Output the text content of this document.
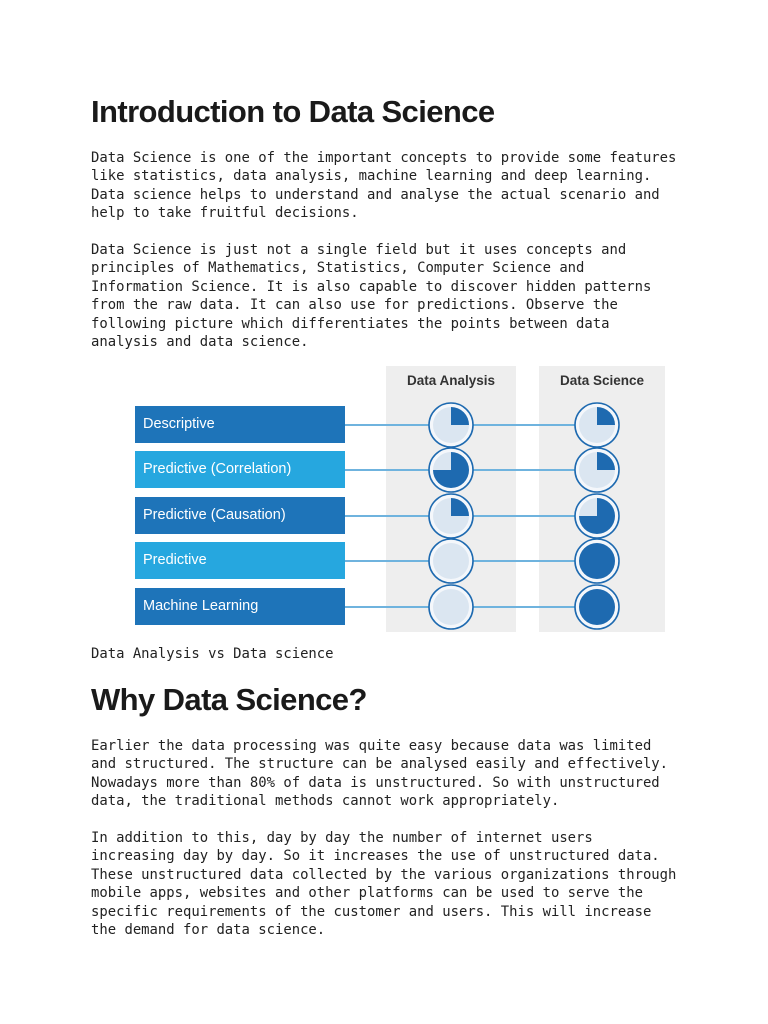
Introduction to Data Science

Data Science is one of the important concepts to provide some features like statistics, data analysis, machine learning and deep learning. Data science helps to understand and analyse the actual scenario and help to take fruitful decisions.

Data Science is just not a single field but it uses concepts and principles of Mathematics, Statistics, Computer Science and Information Science. It is also capable to discover hidden patterns from the raw data. It can also use for predictions. Observe the following picture which differentiates the points between data analysis and data science.

Data Analysis	Data Science
Descriptive
Predictive (Correlation)
Predictive (Causation)
Predictive
Machine Learning

Data Analysis vs Data science

Why Data Science?

Earlier the data processing was quite easy because data was limited and structured. The structure can be analysed easily and effectively. Nowadays more than 80% of data is unstructured. So with unstructured data, the traditional methods cannot work appropriately.

In addition to this, day by day the number of internet users increasing day by day. So it increases the use of unstructured data. These unstructured data collected by the various organizations through mobile apps, websites and other platforms can be used to serve the specific requirements of the customer and users. This will increase the demand for data science.
